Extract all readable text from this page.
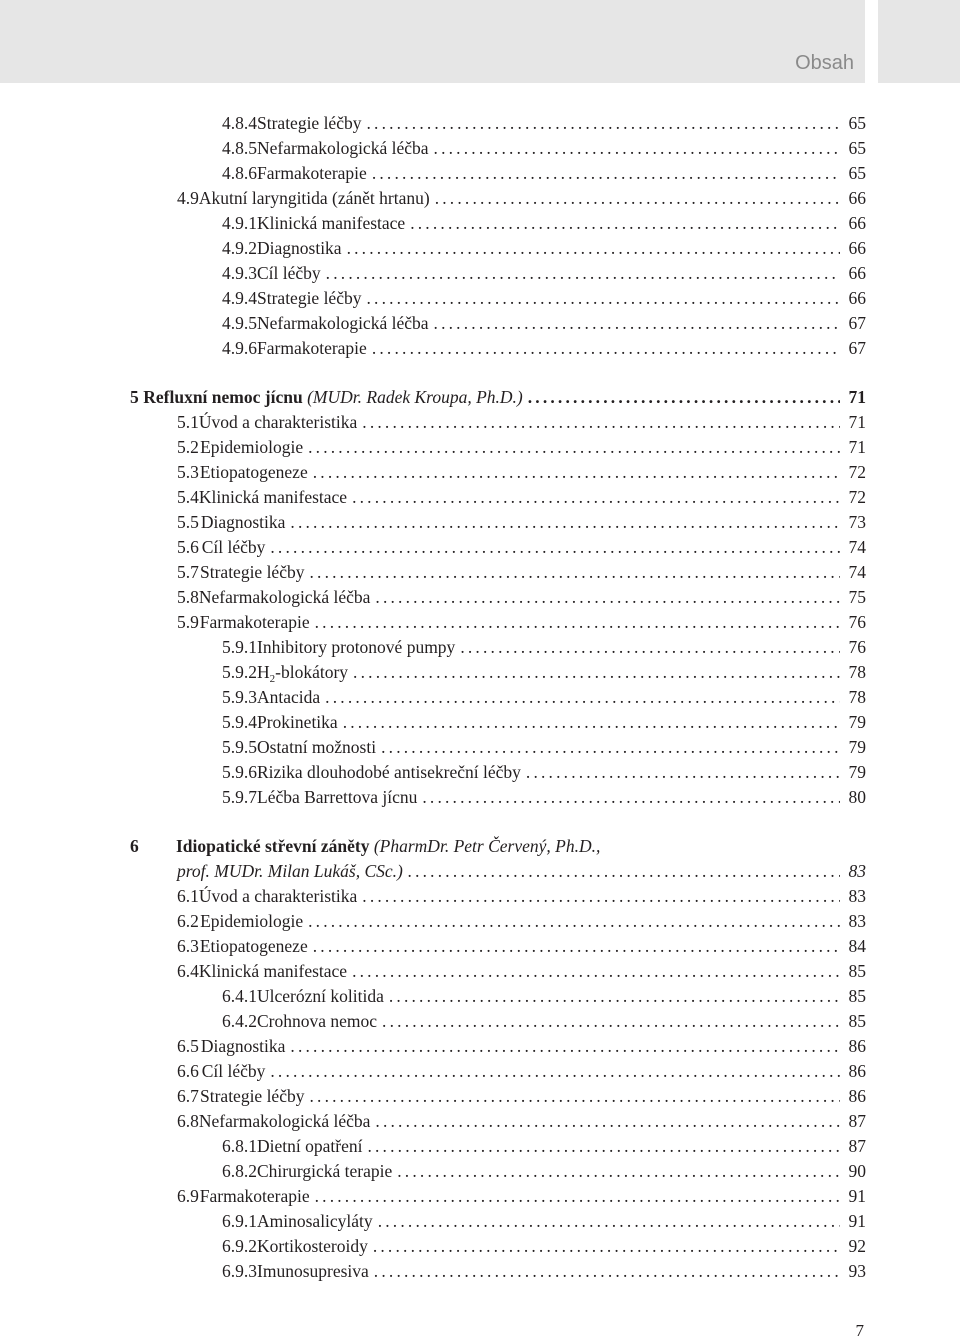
Obsah
4.8.4 Strategie léčby . . .	65
4.8.5 Nefarmakologická léčba . . .	65
4.8.6 Farmakoterapie . . .	65
4.9 Akutní laryngitida (zánět hrtanu) . . .	66
4.9.1 Klinická manifestace . . .	66
4.9.2 Diagnostika . . .	66
4.9.3 Cíl léčby . . .	66
4.9.4 Strategie léčby . . .	66
4.9.5 Nefarmakologická léčba . . .	67
4.9.6 Farmakoterapie . . .	67
5 Refluxní nemoc jícnu (MUDr. Radek Kroupa, Ph.D.) . . .	71
5.1 Úvod a charakteristika . . .	71
5.2 Epidemiologie . . .	71
5.3 Etiopatogeneze . . .	72
5.4 Klinická manifestace . . .	72
5.5 Diagnostika . . .	73
5.6 Cíl léčby . . .	74
5.7 Strategie léčby . . .	74
5.8 Nefarmakologická léčba . . .	75
5.9 Farmakoterapie . . .	76
5.9.1 Inhibitory protonové pumpy . . .	76
5.9.2 $H_2$-blokátory . . .	78
5.9.3 Antacida . . .	78
5.9.4 Prokinetika . . .	79
5.9.5 Ostatní možnosti . . .	79
5.9.6 Rizika dlouhodobé antisekreční léčby . . .	79
5.9.7 Léčba Barrettova jícnu . . .	80
6	Idiopatické střevní záněty (PharmDr. Petr Červený, Ph.D.,
prof. MUDr. Milan Lukáš, CSc.) . . .	83
6.1 Úvod a charakteristika . . .	83
6.2 Epidemiologie . . .	83
6.3 Etiopatogeneze . . .	84
6.4 Klinická manifestace . . .	85
6.4.1 Ulcerózní kolitida . . .	85
6.4.2 Crohnova nemoc . . .	85
6.5 Diagnostika . . .	86
6.6 Cíl léčby . . .	86
6.7 Strategie léčby . . .	86
6.8 Nefarmakologická léčba . . .	87
6.8.1 Dietní opatření . . .	87
6.8.2 Chirurgická terapie . . .	90
6.9 Farmakoterapie . . .	91
6.9.1 Aminosalicyláty . . .	91
6.9.2 Kortikosteroidy . . .	92
6.9.3 Imunosupresiva . . .	93
7
